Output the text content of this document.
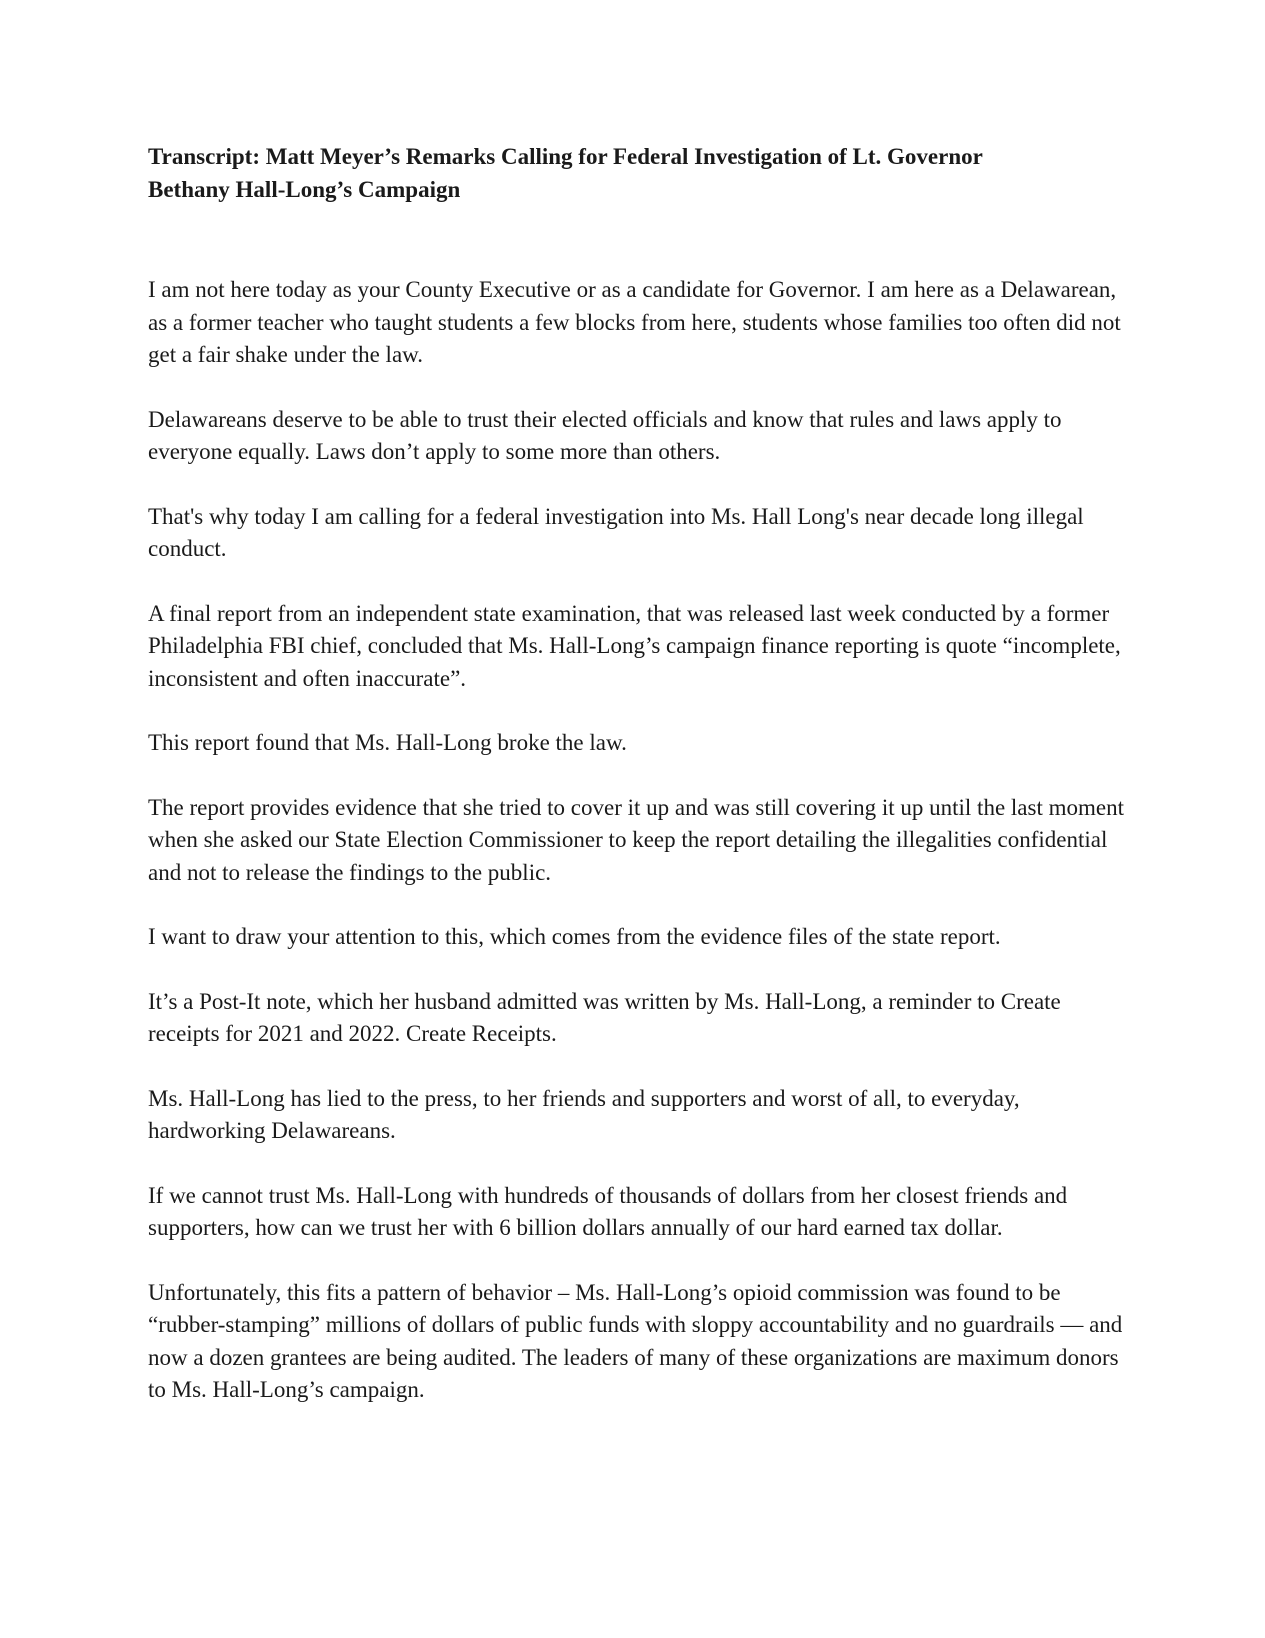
Transcript: Matt Meyer’s Remarks Calling for Federal Investigation of Lt. Governor Bethany Hall-Long’s Campaign

I am not here today as your County Executive or as a candidate for Governor. I am here as a Delawarean, as a former teacher who taught students a few blocks from here, students whose families too often did not get a fair shake under the law.

Delawareans deserve to be able to trust their elected officials and know that rules and laws apply to everyone equally. Laws don’t apply to some more than others.

That's why today I am calling for a federal investigation into Ms. Hall Long's near decade long illegal conduct.

A final report from an independent state examination, that was released last week conducted by a former Philadelphia FBI chief, concluded that Ms. Hall-Long’s campaign finance reporting is quote “incomplete, inconsistent and often inaccurate”.

This report found that Ms. Hall-Long broke the law.

The report provides evidence that she tried to cover it up and was still covering it up until the last moment when she asked our State Election Commissioner to keep the report detailing the illegalities confidential and not to release the findings to the public.

I want to draw your attention to this, which comes from the evidence files of the state report.

It’s a Post-It note, which her husband admitted was written by Ms. Hall-Long, a reminder to Create receipts for 2021 and 2022. Create Receipts.

Ms. Hall-Long has lied to the press, to her friends and supporters and worst of all, to everyday, hardworking Delawareans.

If we cannot trust Ms. Hall-Long with hundreds of thousands of dollars from her closest friends and supporters, how can we trust her with 6 billion dollars annually of our hard earned tax dollar.

Unfortunately, this fits a pattern of behavior – Ms. Hall-Long’s opioid commission was found to be “rubber-stamping” millions of dollars of public funds with sloppy accountability and no guardrails — and now a dozen grantees are being audited. The leaders of many of these organizations are maximum donors to Ms. Hall-Long’s campaign.
